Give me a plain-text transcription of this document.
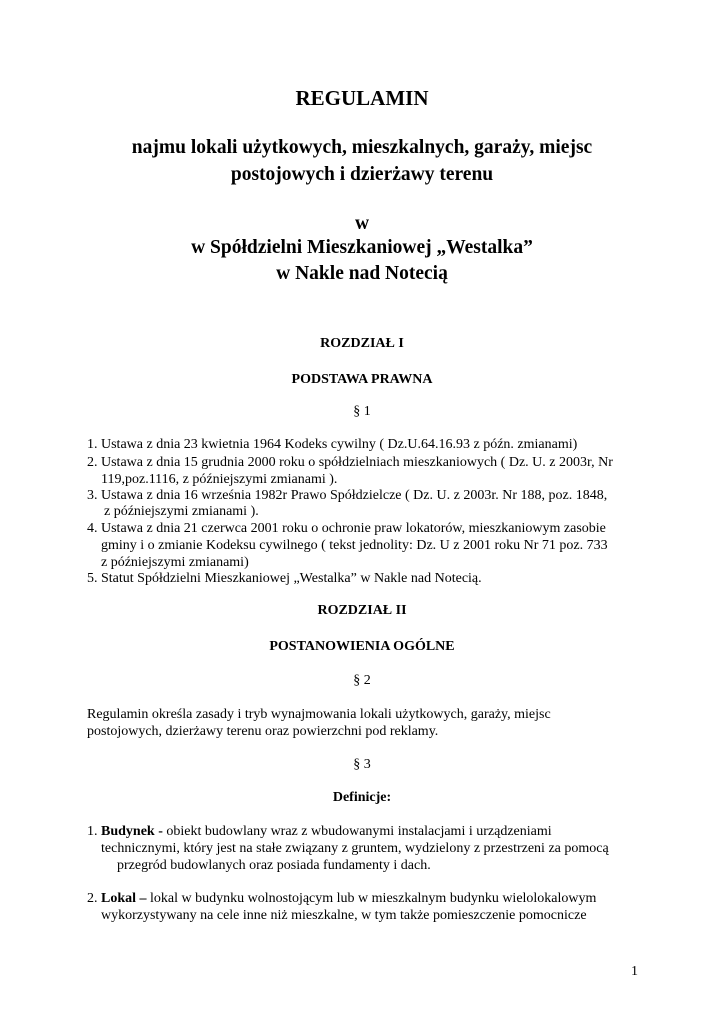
REGULAMIN
najmu lokali użytkowych, mieszkalnych, garaży, miejsc
postojowych i dzierżawy terenu
w
w Spółdzielni Mieszkaniowej „Westalka”
w Nakle nad Notecią
ROZDZIAŁ I
PODSTAWA PRAWNA
§ 1
1. Ustawa z dnia 23 kwietnia 1964 Kodeks cywilny ( Dz.U.64.16.93 z późn. zmianami)
2. Ustawa z dnia 15 grudnia 2000 roku o spółdzielniach mieszkaniowych ( Dz. U. z 2003r, Nr
119,poz.1116, z późniejszymi zmianami ).
3. Ustawa z dnia 16 września 1982r Prawo Spółdzielcze ( Dz. U. z 2003r. Nr 188, poz. 1848,
z późniejszymi zmianami ).
4. Ustawa z dnia 21 czerwca 2001 roku o ochronie praw lokatorów, mieszkaniowym zasobie
gminy i o zmianie Kodeksu cywilnego ( tekst jednolity: Dz. U z 2001 roku Nr 71 poz. 733
z późniejszymi zmianami)
5. Statut Spółdzielni Mieszkaniowej „Westalka” w Nakle nad Notecią.
ROZDZIAŁ II
POSTANOWIENIA OGÓLNE
§ 2
Regulamin określa zasady i tryb wynajmowania lokali użytkowych, garaży, miejsc
postojowych, dzierżawy terenu oraz powierzchni pod reklamy.
§ 3
Definicje:
1. Budynek - obiekt budowlany wraz z wbudowanymi instalacjami i urządzeniami
technicznymi, który jest na stałe związany z gruntem, wydzielony z przestrzeni za pomocą
przegród budowlanych oraz posiada fundamenty i dach.
2. Lokal – lokal w budynku wolnostojącym lub w mieszkalnym budynku wielolokalowym
wykorzystywany na cele inne niż mieszkalne, w tym także pomieszczenie pomocnicze
1
